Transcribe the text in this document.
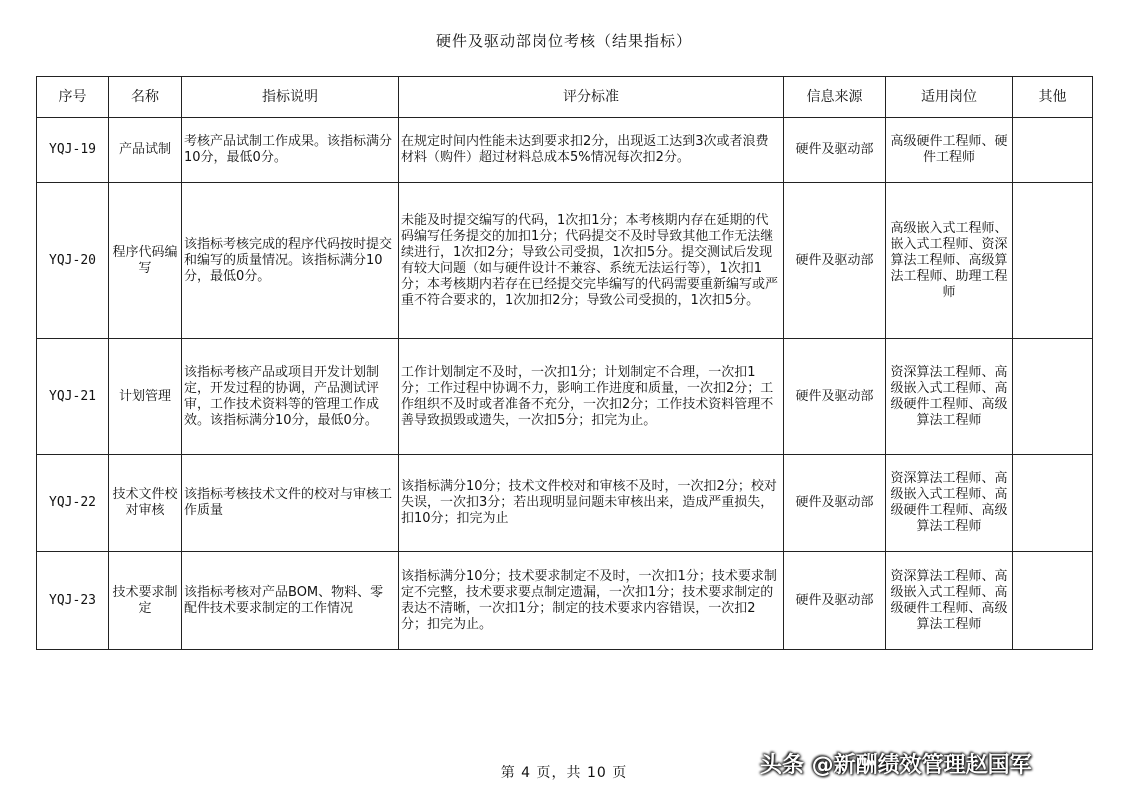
硬件及驱动部岗位考核（结果指标）
序号	名称	指标说明	评分标准	信息来源	适用岗位	其他
YQJ-19	产品试制	考核产品试制工作成果。该指标满分10分，最低0分。	在规定时间内性能未达到要求扣2分，出现返工达到3次或者浪费材料（购件）超过材料总成本5%情况每次扣2分。	硬件及驱动部	高级硬件工程师、硬件工程师	
YQJ-20	程序代码编写	该指标考核完成的程序代码按时提交和编写的质量情况。该指标满分10分，最低0分。	未能及时提交编写的代码，1次扣1分；本考核期内存在延期的代码编写任务提交的加扣1分；代码提交不及时导致其他工作无法继续进行，1次扣2分；导致公司受损，1次扣5分。提交测试后发现有较大问题（如与硬件设计不兼容、系统无法运行等），1次扣1分；本考核期内若存在已经提交完毕编写的代码需要重新编写或严重不符合要求的，1次加扣2分；导致公司受损的，1次扣5分。	硬件及驱动部	高级嵌入式工程师、嵌入式工程师、资深算法工程师、高级算法工程师、助理工程师	
YQJ-21	计划管理	该指标考核产品或项目开发计划制定，开发过程的协调，产品测试评审，工作技术资料等的管理工作成效。该指标满分10分，最低0分。	工作计划制定不及时，一次扣1分；计划制定不合理，一次扣1分；工作过程中协调不力，影响工作进度和质量，一次扣2分；工作组织不及时或者准备不充分，一次扣2分；工作技术资料管理不善导致损毁或遗失，一次扣5分；扣完为止。	硬件及驱动部	资深算法工程师、高级嵌入式工程师、高级硬件工程师、高级算法工程师	
YQJ-22	技术文件校对审核	该指标考核技术文件的校对与审核工作质量	该指标满分10分；技术文件校对和审核不及时，一次扣2分；校对失误，一次扣3分；若出现明显问题未审核出来，造成严重损失，扣10分；扣完为止	硬件及驱动部	资深算法工程师、高级嵌入式工程师、高级硬件工程师、高级算法工程师	
YQJ-23	技术要求制定	该指标考核对产品BOM、物料、零配件技术要求制定的工作情况	该指标满分10分；技术要求制定不及时，一次扣1分；技术要求制定不完整，技术要求要点制定遗漏，一次扣1分；技术要求制定的表达不清晰，一次扣1分；制定的技术要求内容错误，一次扣2分；扣完为止。	硬件及驱动部	资深算法工程师、高级嵌入式工程师、高级硬件工程师、高级算法工程师	
第 4 页，共 10 页	头条 @新酬绩效管理赵国军
